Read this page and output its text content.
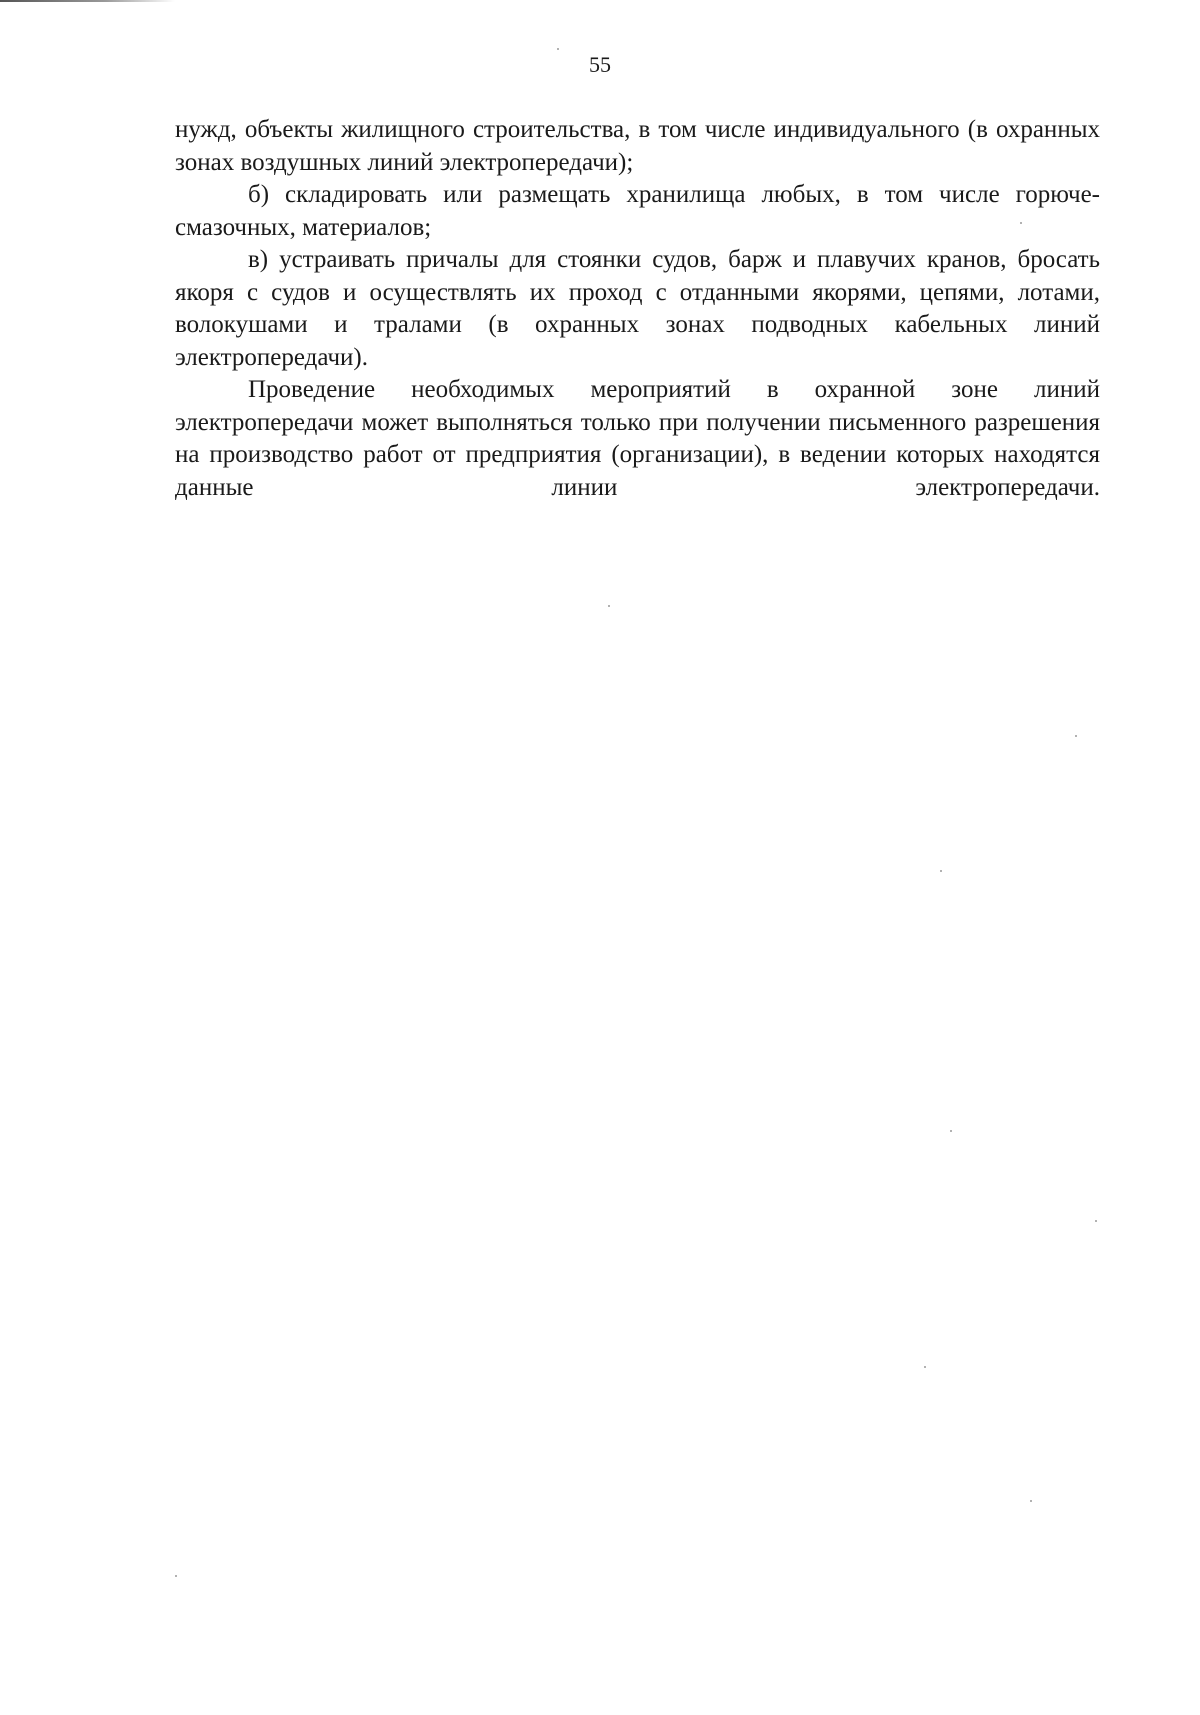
55

нужд, объекты жилищного строительства, в том числе индивидуального (в охранных зонах воздушных линий электропередачи);

б) складировать или размещать хранилища любых, в том числе горюче-смазочных, материалов;

в) устраивать причалы для стоянки судов, барж и плавучих кранов, бросать якоря с судов и осуществлять их проход с отданными якорями, цепями, лотами, волокушами и тралами (в охранных зонах подводных кабельных линий электропередачи).

Проведение необходимых мероприятий в охранной зоне линий электропередачи может выполняться только при получении письменного разрешения на производство работ от предприятия (организации), в ведении которых находятся данные линии электропередачи.
